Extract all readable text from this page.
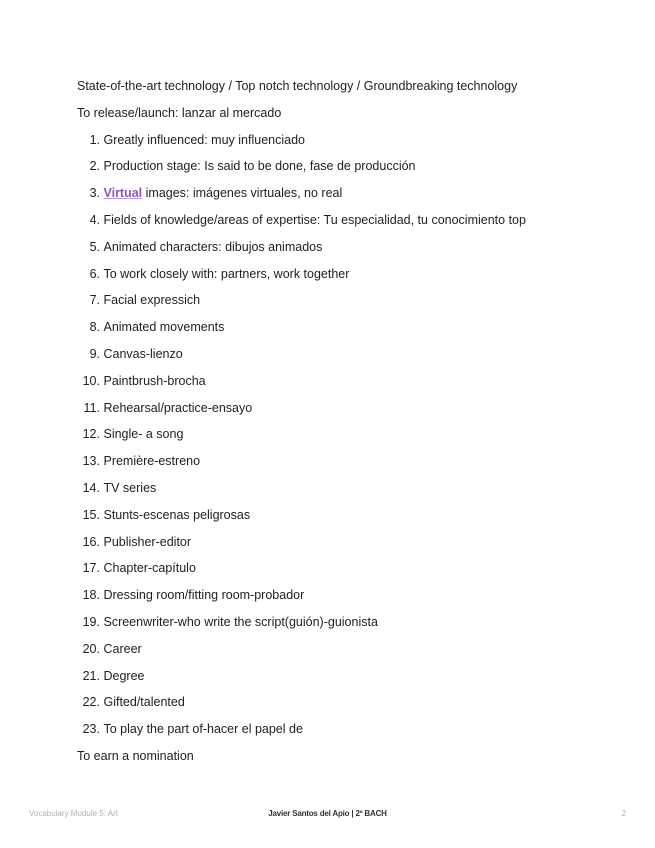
State-of-the-art technology / Top notch technology / Groundbreaking technology
To release/launch: lanzar al mercado
1. Greatly influenced: muy influenciado
2. Production stage: Is said to be done, fase de producción
3. Virtual images: imágenes virtuales, no real
4. Fields of knowledge/areas of expertise: Tu especialidad, tu conocimiento top
5. Animated characters: dibujos animados
6. To work closely with: partners, work together
7. Facial expressich
8. Animated movements
9. Canvas-lienzo
10. Paintbrush-brocha
11. Rehearsal/practice-ensayo
12. Single- a song
13. Première-estreno
14. TV series
15. Stunts-escenas peligrosas
16. Publisher-editor
17. Chapter-capítulo
18. Dressing room/fitting room-probador
19. Screenwriter-who write the script(guión)-guionista
20. Career
21. Degree
22. Gifted/talented
23. To play the part of-hacer el papel de
To earn a nomination
Vocabulary Module 5: Art	Javier Santos del Apio | 2º BACH	2
